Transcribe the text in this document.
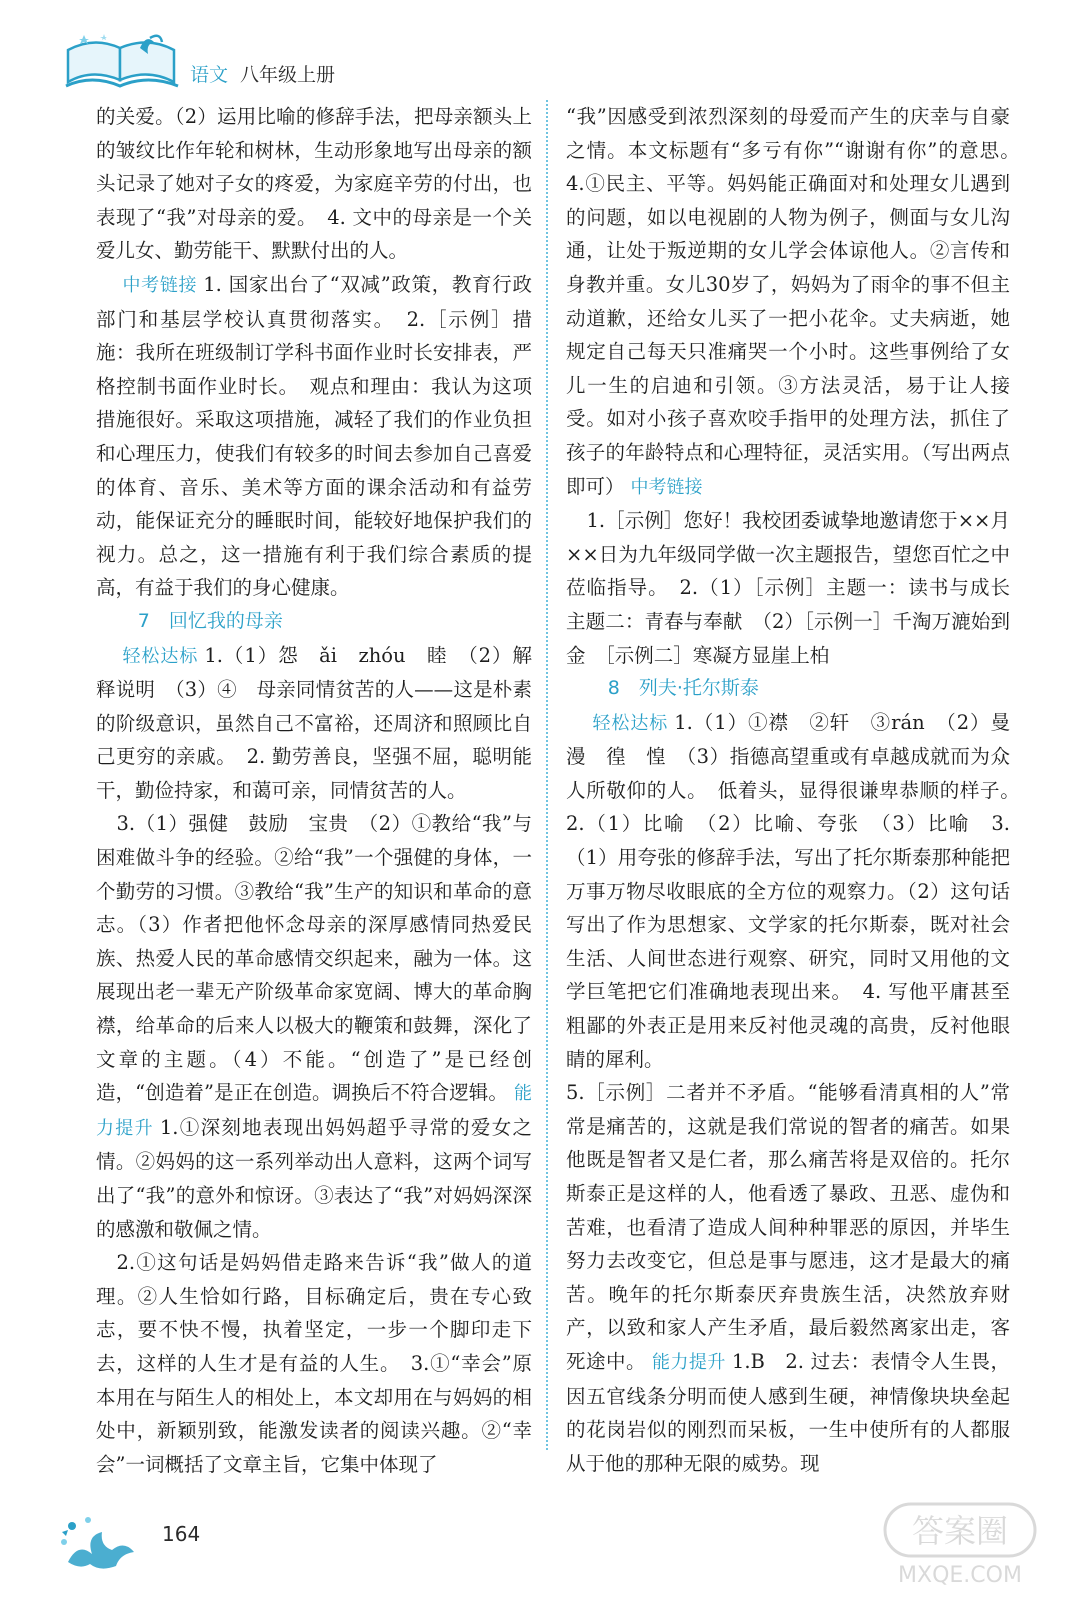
语文 八年级上册

的关爱。（2）运用比喻的修辞手法，把母亲额头上的皱纹比作年轮和树林，生动形象地写出母亲的额头记录了她对子女的疼爱，为家庭辛劳的付出，也表现了“我”对母亲的爱。　4. 文中的母亲是一个关爱儿女、勤劳能干、默默付出的人。

中考链接 1. 国家出台了“双减”政策，教育行政部门和基层学校认真贯彻落实。　2.［示例］措施：我所在班级制订学科书面作业时长安排表，严格控制书面作业时长。　观点和理由：我认为这项措施很好。采取这项措施，减轻了我们的作业负担和心理压力，使我们有较多的时间去参加自己喜爱的体育、音乐、美术等方面的课余活动和有益劳动，能保证充分的睡眠时间，能较好地保护我们的视力。总之，这一措施有利于我们综合素质的提高，有益于我们的身心健康。

7　回忆我的母亲

轻松达标 1.（1）怨　ǎi　zhóu　睦　（2）解释说明　（3）④　母亲同情贫苦的人——这是朴素的阶级意识，虽然自己不富裕，还周济和照顾比自己更穷的亲戚。　2. 勤劳善良，坚强不屈，聪明能干，勤俭持家，和蔼可亲，同情贫苦的人。

3.（1）强健　鼓励　宝贵　（2）①教给“我”与困难做斗争的经验。②给“我”一个强健的身体，一个勤劳的习惯。③教给“我”生产的知识和革命的意志。（3）作者把他怀念母亲的深厚感情同热爱民族、热爱人民的革命感情交织起来，融为一体。这展现出老一辈无产阶级革命家宽阔、博大的革命胸襟，给革命的后来人以极大的鞭策和鼓舞，深化了文章的主题。（4）不能。“创造了”是已经创造，“创造着”是正在创造。调换后不符合逻辑。 能力提升 1.①深刻地表现出妈妈超乎寻常的爱女之情。②妈妈的这一系列举动出人意料，这两个词写出了“我”的意外和惊讶。③表达了“我”对妈妈深深的感激和敬佩之情。

2.①这句话是妈妈借走路来告诉“我”做人的道理。②人生恰如行路，目标确定后，贵在专心致志，要不快不慢，执着坚定，一步一个脚印走下去，这样的人生才是有益的人生。　3.①“幸会”原本用在与陌生人的相处上，本文却用在与妈妈的相处中，新颖别致，能激发读者的阅读兴趣。②“幸会”一词概括了文章主旨，它集中体现了

“我”因感受到浓烈深刻的母爱而产生的庆幸与自豪之情。本文标题有“多亏有你”“谢谢有你”的意思。　4.①民主、平等。妈妈能正确面对和处理女儿遇到的问题，如以电视剧的人物为例子，侧面与女儿沟通，让处于叛逆期的女儿学会体谅他人。②言传和身教并重。女儿30岁了，妈妈为了雨伞的事不但主动道歉，还给女儿买了一把小花伞。丈夫病逝，她规定自己每天只准痛哭一个小时。这些事例给了女儿一生的启迪和引领。③方法灵活，易于让人接受。如对小孩子喜欢咬手指甲的处理方法，抓住了孩子的年龄特点和心理特征，灵活实用。（写出两点即可） 中考链接

1.［示例］您好！我校团委诚挚地邀请您于××月××日为九年级同学做一次主题报告，望您百忙之中莅临指导。　2.（1）［示例］主题一：读书与成长　主题二：青春与奉献　（2）［示例一］千淘万漉始到金　［示例二］寒凝方显崖上柏

8　列夫·托尔斯泰

轻松达标 1.（1）①襟　②轩　③rán　（2）曼　漫　徨　惶　（3）指德高望重或有卓越成就而为众人所敬仰的人。　低着头，显得很谦卑恭顺的样子。　2.（1）比喻　（2）比喻、夸张　（3）比喻　3.（1）用夸张的修辞手法，写出了托尔斯泰那种能把万事万物尽收眼底的全方位的观察力。（2）这句话写出了作为思想家、文学家的托尔斯泰，既对社会生活、人间世态进行观察、研究，同时又用他的文学巨笔把它们准确地表现出来。　4. 写他平庸甚至粗鄙的外表正是用来反衬他灵魂的高贵，反衬他眼睛的犀利。

5.［示例］二者并不矛盾。“能够看清真相的人”常常是痛苦的，这就是我们常说的智者的痛苦。如果他既是智者又是仁者，那么痛苦将是双倍的。托尔斯泰正是这样的人，他看透了暴政、丑恶、虚伪和苦难，也看清了造成人间种种罪恶的原因，并毕生努力去改变它，但总是事与愿违，这才是最大的痛苦。晚年的托尔斯泰厌弃贵族生活，决然放弃财产，以致和家人产生矛盾，最后毅然离家出走，客死途中。 能力提升 1.B　2. 过去：表情令人生畏，因五官线条分明而使人感到生硬，神情像块块垒起的花岗岩似的刚烈而呆板，一生中使所有的人都服从于他的那种无限的威势。现

164	答案圈
MXQE.COM
